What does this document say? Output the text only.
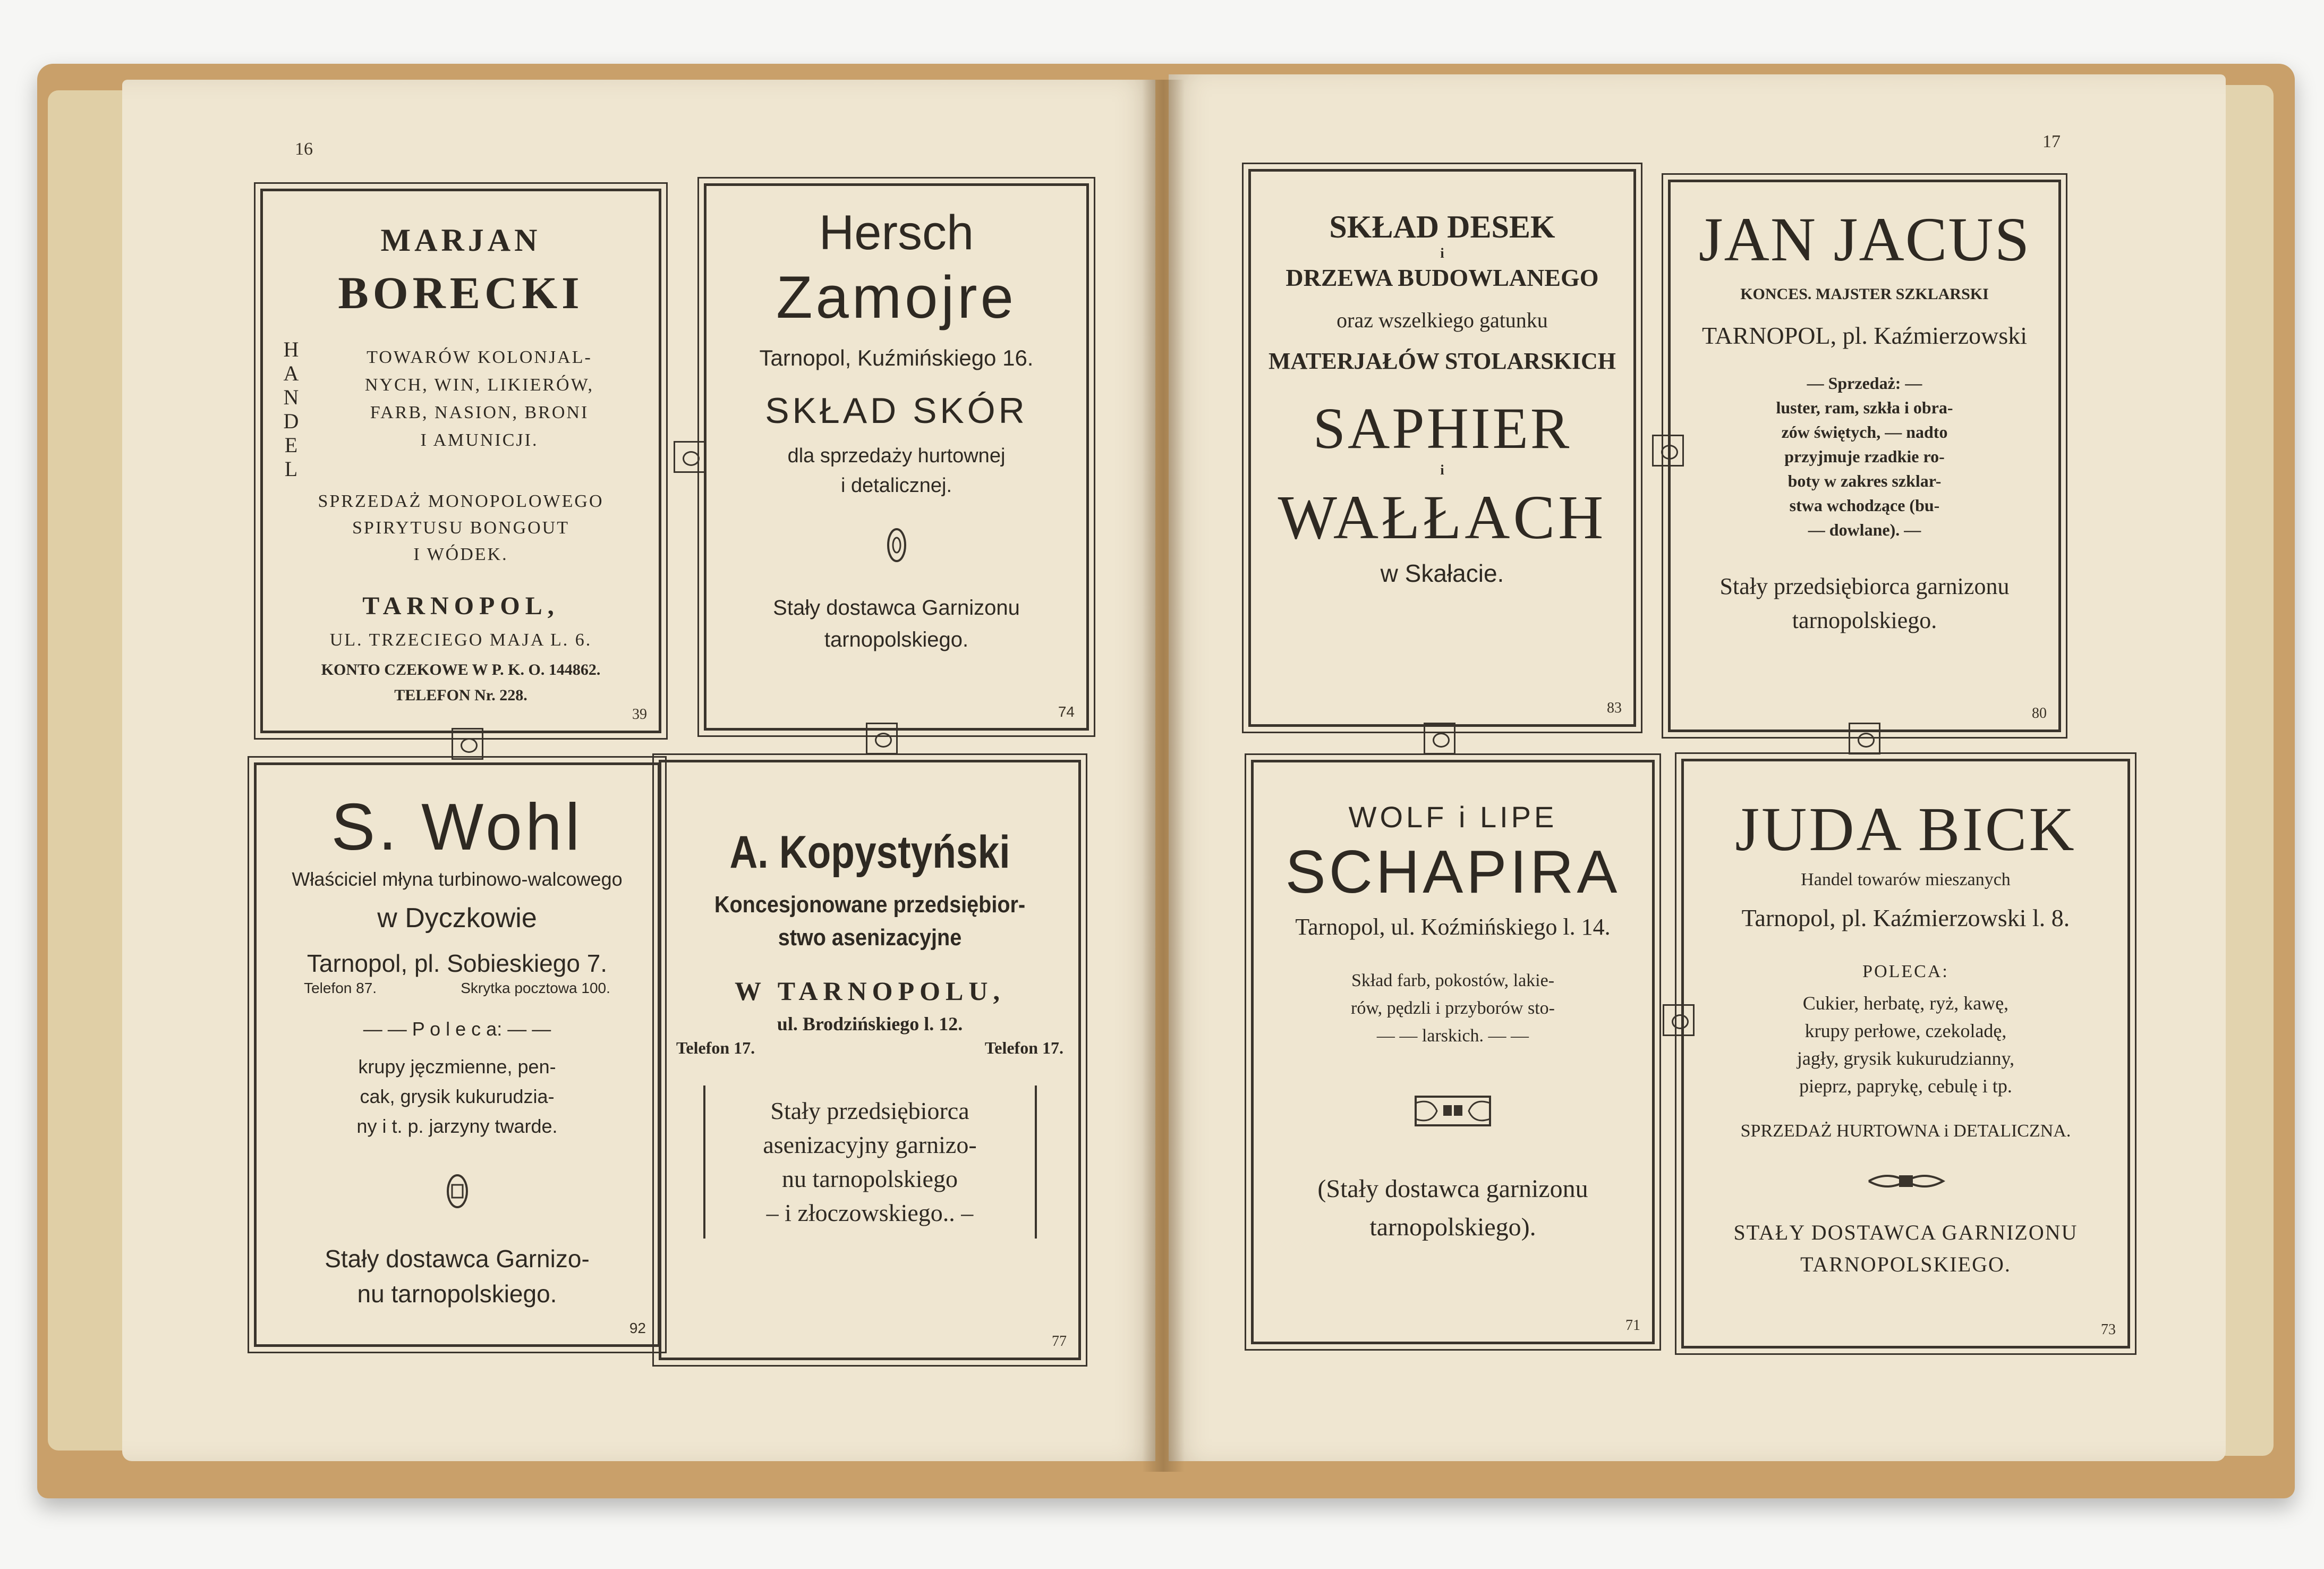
16	17
MARJAN
BORECKI
HANDEL
TOWARÓW KOLONJAL-
NYCH, WIN, LIKIERÓW,
FARB, NASION, BRONI
I AMUNICJI.
SPRZEDAŻ MONOPOLOWEGO
SPIRYTUSU BONGOUT
I WÓDEK.
TARNOPOL,
UL. TRZECIEGO MAJA L. 6.
KONTO CZEKOWE W P. K. O. 144862.
TELEFON Nr. 228.
39
Hersch
Zamojre
Tarnopol, Kuźmińskiego 16.
SKŁAD SKÓR
dla sprzedaży hurtownej
i detalicznej.
Stały dostawca Garnizonu
tarnopolskiego.
74
SKŁAD DESEK
i
DRZEWA BUDOWLANEGO
oraz wszelkiego gatunku
MATERJAŁÓW STOLARSKICH
SAPHIER
i
WAŁŁACH
w Skałacie.
83
JAN JACUS
KONCES. MAJSTER SZKLARSKI
TARNOPOL, pl. Kaźmierzowski
— Sprzedaż: —
luster, ram, szkła i obra-
zów świętych, — nadto
przyjmuje rzadkie ro-
boty w zakres szklar-
stwa wchodzące (bu-
— dowlane). —
Stały przedsiębiorca garnizonu
tarnopolskiego.
80
S. Wohl
Właściciel młyna turbinowo-walcowego
w Dyczkowie
Tarnopol, pl. Sobieskiego 7.
Telefon 87.	Skrytka pocztowa 100.
— — P o l e c a: — —
krupy jęczmienne, pen-
cak, grysik kukurudzia-
ny i t. p. jarzyny twarde.
Stały dostawca Garnizo-
nu tarnopolskiego.
92
A. Kopystyński
Koncesjonowane przedsiębior-
stwo asenizacyjne
W TARNOPOLU,
ul. Brodzińskiego l. 12.
Telefon 17.	Telefon 17.
Stały przedsiębiorca
asenizacyjny garnizo-
nu tarnopolskiego
– i złoczowskiego.. –
77
WOLF i LIPE
SCHAPIRA
Tarnopol, ul. Koźmińskiego l. 14.
Skład farb, pokostów, lakie-
rów, pędzli i przyborów sto-
— — larskich. — —
(Stały dostawca garnizonu
tarnopolskiego).
71
JUDA BICK
Handel towarów mieszanych
Tarnopol, pl. Kaźmierzowski l. 8.
POLECA:
Cukier, herbatę, ryż, kawę,
krupy perłowe, czekoladę,
jagły, grysik kukurudzianny,
pieprz, paprykę, cebulę i tp.
SPRZEDAŻ HURTOWNA i DETALICZNA.
STAŁY DOSTAWCA GARNIZONU
TARNOPOLSKIEGO.
73
